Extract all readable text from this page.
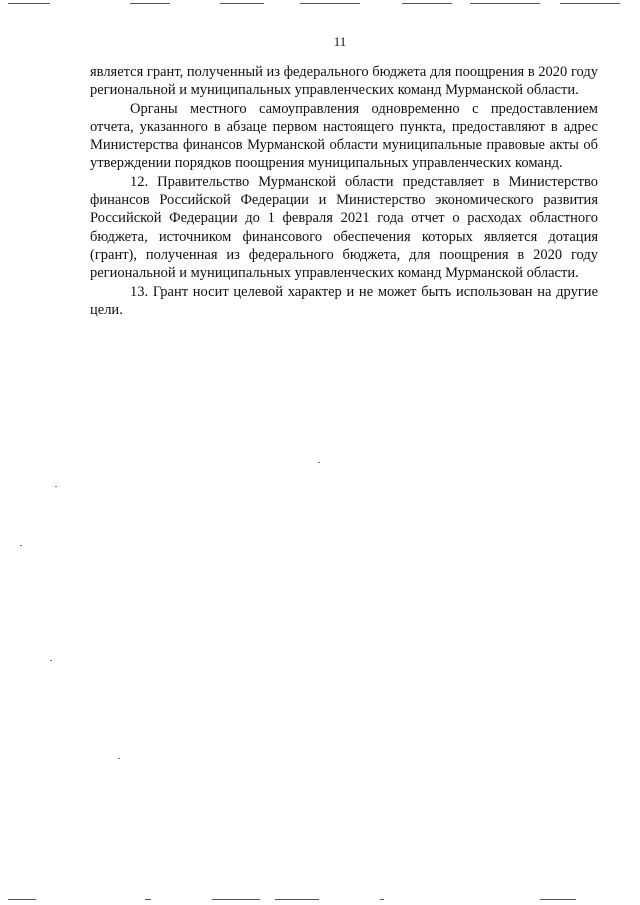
11

является грант, полученный из федерального бюджета для поощрения в 2020 году региональной и муниципальных управленческих команд Мурманской области.

Органы местного самоуправления одновременно с предоставлением отчета, указанного в абзаце первом настоящего пункта, предоставляют в адрес Министерства финансов Мурманской области муниципальные правовые акты об утверждении порядков поощрения муниципальных управленческих команд.

12. Правительство Мурманской области представляет в Министерство финансов Российской Федерации и Министерство экономического развития Российской Федерации до 1 февраля 2021 года отчет о расходах областного бюджета, источником финансового обеспечения которых является дотация (грант), полученная из федерального бюджета, для поощрения в 2020 году региональной и муниципальных управленческих команд Мурманской области.

13. Грант носит целевой характер и не может быть использован на другие цели.
